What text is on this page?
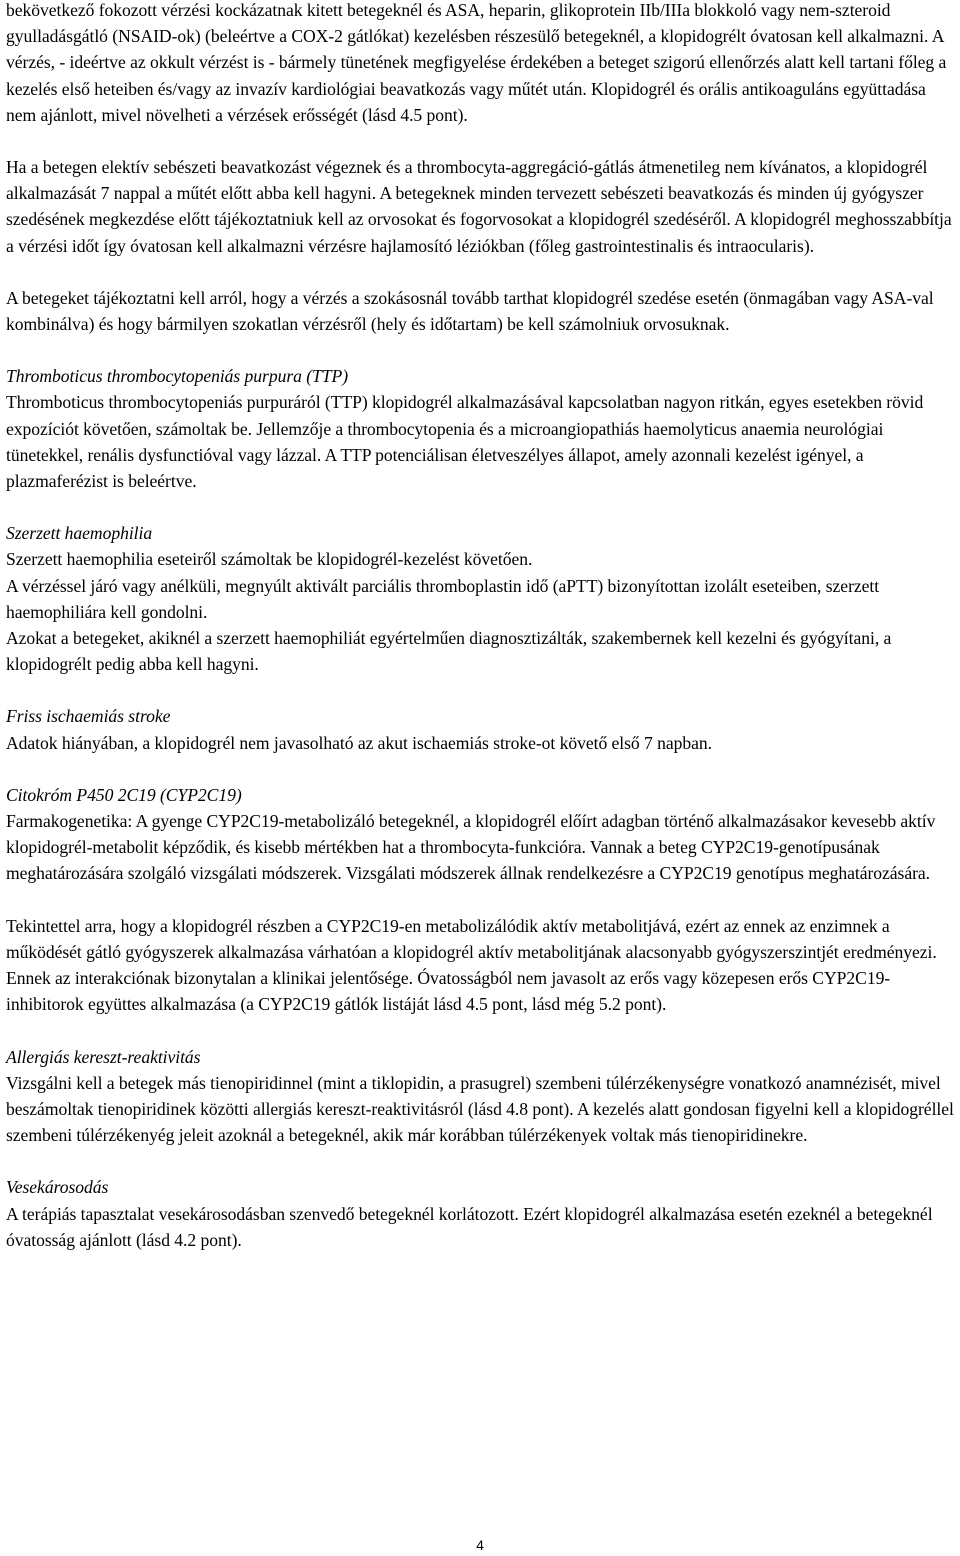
bekövetkező fokozott vérzési kockázatnak kitett betegeknél és ASA, heparin, glikoprotein IIb/IIIa blokkoló vagy nem-szteroid gyulladásgátló (NSAID-ok) (beleértve a COX-2 gátlókat) kezelésben részesülő betegeknél, a klopidogrélt óvatosan kell alkalmazni. A vérzés, - ideértve az okkult vérzést is - bármely tünetének megfigyelése érdekében a beteget szigorú ellenőrzés alatt kell tartani főleg a kezelés első heteiben és/vagy az invazív kardiológiai beavatkozás vagy műtét után. Klopidogrél és orális antikoaguláns együttadása nem ajánlott, mivel növelheti a vérzések erősségét (lásd 4.5 pont).

Ha a betegen elektív sebészeti beavatkozást végeznek és a thrombocyta-aggregáció-gátlás átmenetileg nem kívánatos, a klopidogrél alkalmazását 7 nappal a műtét előtt abba kell hagyni. A betegeknek minden tervezett sebészeti beavatkozás és minden új gyógyszer szedésének megkezdése előtt tájékoztatniuk kell az orvosokat és fogorvosokat a klopidogrél szedéséről. A klopidogrél meghosszabbítja a vérzési időt így óvatosan kell alkalmazni vérzésre hajlamosító léziókban (főleg gastrointestinalis és intraocularis).

A betegeket tájékoztatni kell arról, hogy a vérzés a szokásosnál tovább tarthat klopidogrél szedése esetén (önmagában vagy ASA-val kombinálva) és hogy bármilyen szokatlan vérzésről (hely és időtartam) be kell számolniuk orvosuknak.

Thromboticus thrombocytopeniás purpura (TTP)

Thromboticus thrombocytopeniás purpuráról (TTP) klopidogrél alkalmazásával kapcsolatban nagyon ritkán, egyes esetekben rövid expozíciót követően, számoltak be. Jellemzője a thrombocytopenia és a microangiopathiás haemolyticus anaemia neurológiai tünetekkel, renális dysfunctióval vagy lázzal. A TTP potenciálisan életveszélyes állapot, amely azonnali kezelést igényel, a plazmaferézist is beleértve.

Szerzett haemophilia

Szerzett haemophilia eseteiről számoltak be klopidogrél-kezelést követően.

A vérzéssel járó vagy anélküli, megnyúlt aktivált parciális thromboplastin idő (aPTT) bizonyítottan izolált eseteiben, szerzett haemophiliára kell gondolni.

Azokat a betegeket, akiknél a szerzett haemophiliát egyértelműen diagnosztizálták, szakembernek kell kezelni és gyógyítani, a klopidogrélt pedig abba kell hagyni.

Friss ischaemiás stroke

Adatok hiányában, a klopidogrél nem javasolható az akut ischaemiás stroke-ot követő első 7 napban.

Citokróm P450 2C19 (CYP2C19)

Farmakogenetika: A gyenge CYP2C19-metabolizáló betegeknél, a klopidogrél előírt adagban történő alkalmazásakor kevesebb aktív klopidogrél-metabolit képződik, és kisebb mértékben hat a thrombocyta-funkcióra. Vannak a beteg CYP2C19-genotípusának meghatározására szolgáló vizsgálati módszerek. Vizsgálati módszerek állnak rendelkezésre a CYP2C19 genotípus meghatározására.

Tekintettel arra, hogy a klopidogrél részben a CYP2C19-en metabolizálódik aktív metabolitjává, ezért az ennek az enzimnek a működését gátló gyógyszerek alkalmazása várhatóan a klopidogrél aktív metabolitjának alacsonyabb gyógyszerszintjét eredményezi. Ennek az interakciónak bizonytalan a klinikai jelentősége. Óvatosságból nem javasolt az erős vagy közepesen erős CYP2C19-inhibitorok együttes alkalmazása (a CYP2C19 gátlók listáját lásd 4.5 pont, lásd még 5.2 pont).

Allergiás kereszt-reaktivitás

Vizsgálni kell a betegek más tienopiridinnel (mint a tiklopidin, a prasugrel) szembeni túlérzékenységre vonatkozó anamnézisét, mivel beszámoltak tienopiridinek közötti allergiás kereszt-reaktivitásról (lásd 4.8 pont). A kezelés alatt gondosan figyelni kell a klopidogréllel szembeni túlérzékenyég jeleit azoknál a betegeknél, akik már korábban túlérzékenyek voltak más tienopiridinekre.

Vesekárosodás

A terápiás tapasztalat vesekárosodásban szenvedő betegeknél korlátozott. Ezért klopidogrél alkalmazása esetén ezeknél a betegeknél óvatosság ajánlott (lásd 4.2 pont).

4
